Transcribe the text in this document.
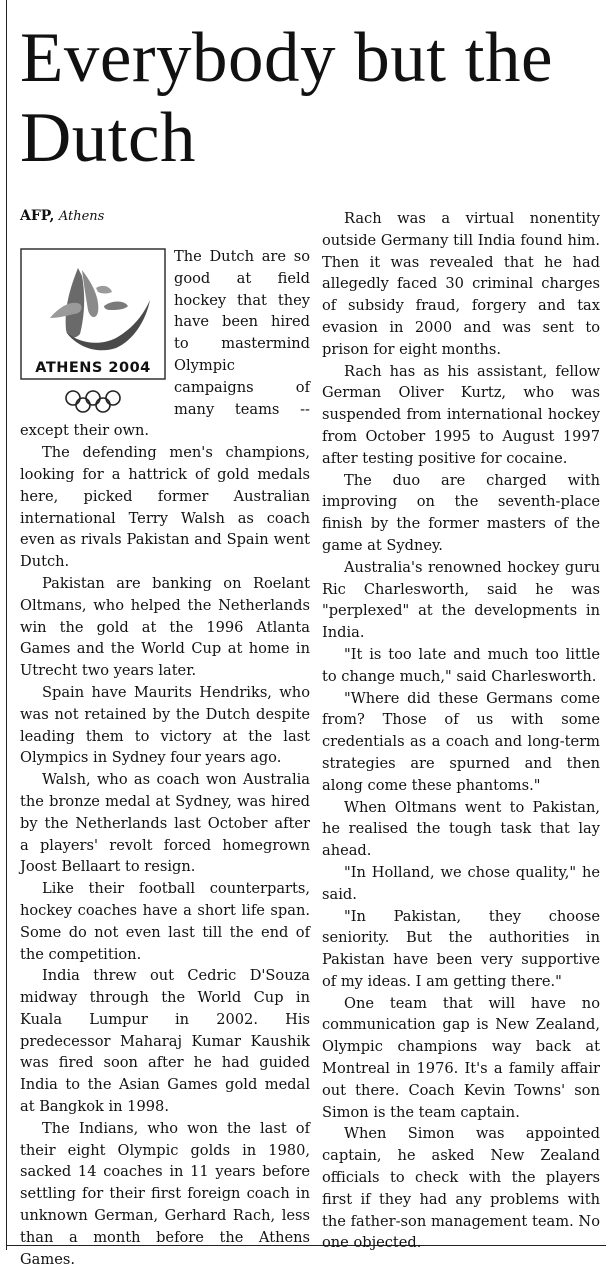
Everybody but the Dutch
AFP, Athens
ATHENS 2004

The Dutch are so good at field hockey that they have been hired to mastermind Olympic campaigns of many teams -- except their own.

The defending men's champions, looking for a hattrick of gold medals here, picked former Australian international Terry Walsh as coach even as rivals Pakistan and Spain went Dutch.

Pakistan are banking on Roelant Oltmans, who helped the Netherlands win the gold at the 1996 Atlanta Games and the World Cup at home in Utrecht two years later.

Spain have Maurits Hendriks, who was not retained by the Dutch despite leading them to victory at the last Olympics in Sydney four years ago.

Walsh, who as coach won Australia the bronze medal at Sydney, was hired by the Netherlands last October after a players' revolt forced homegrown Joost Bellaart to resign.

Like their football counterparts, hockey coaches have a short life span. Some do not even last till the end of the competition.

India threw out Cedric D'Souza midway through the World Cup in Kuala Lumpur in 2002. His predecessor Maharaj Kumar Kaushik was fired soon after he had guided India to the Asian Games gold medal at Bangkok in 1998.

The Indians, who won the last of their eight Olympic golds in 1980, sacked 14 coaches in 11 years before settling for their first foreign coach in unknown German, Gerhard Rach, less than a month before the Athens Games.

Rach was a virtual nonentity outside Germany till India found him. Then it was revealed that he had allegedly faced 30 criminal charges of subsidy fraud, forgery and tax evasion in 2000 and was sent to prison for eight months.

Rach has as his assistant, fellow German Oliver Kurtz, who was suspended from international hockey from October 1995 to August 1997 after testing positive for cocaine.

The duo are charged with improving on the seventh-place finish by the former masters of the game at Sydney.

Australia's renowned hockey guru Ric Charlesworth, said he was "perplexed" at the developments in India.

"It is too late and much too little to change much," said Charlesworth.

"Where did these Germans come from? Those of us with some credentials as a coach and long-term strategies are spurned and then along come these phantoms."

When Oltmans went to Pakistan, he realised the tough task that lay ahead.

"In Holland, we chose quality," he said.

"In Pakistan, they choose seniority. But the authorities in Pakistan have been very supportive of my ideas. I am getting there."

One team that will have no communication gap is New Zealand, Olympic champions way back at Montreal in 1976. It's a family affair out there. Coach Kevin Towns' son Simon is the team captain.

When Simon was appointed captain, he asked New Zealand officials to check with the players first if they had any problems with the father-son management team. No one objected.
